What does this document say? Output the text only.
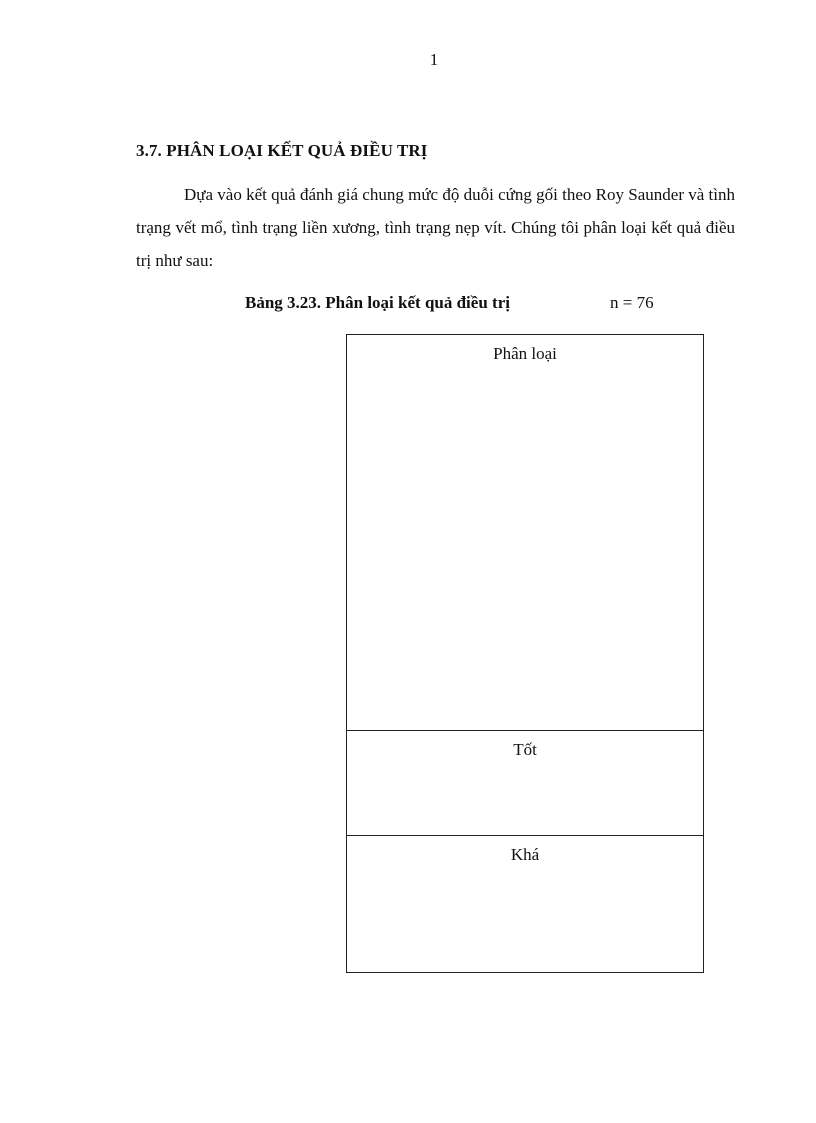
1
3.7. PHÂN LOẠI KẾT QUẢ ĐIỀU TRỊ

Dựa vào kết quả đánh giá chung mức độ duỗi cứng gối theo Roy Saunder và tình trạng vết mổ, tình trạng liền xương, tình trạng nẹp vít. Chúng tôi phân loại kết quả điều trị như sau:

Bảng 3.23. Phân loại kết quả điều trị	n = 76
Phân loại
Tốt
Khá
